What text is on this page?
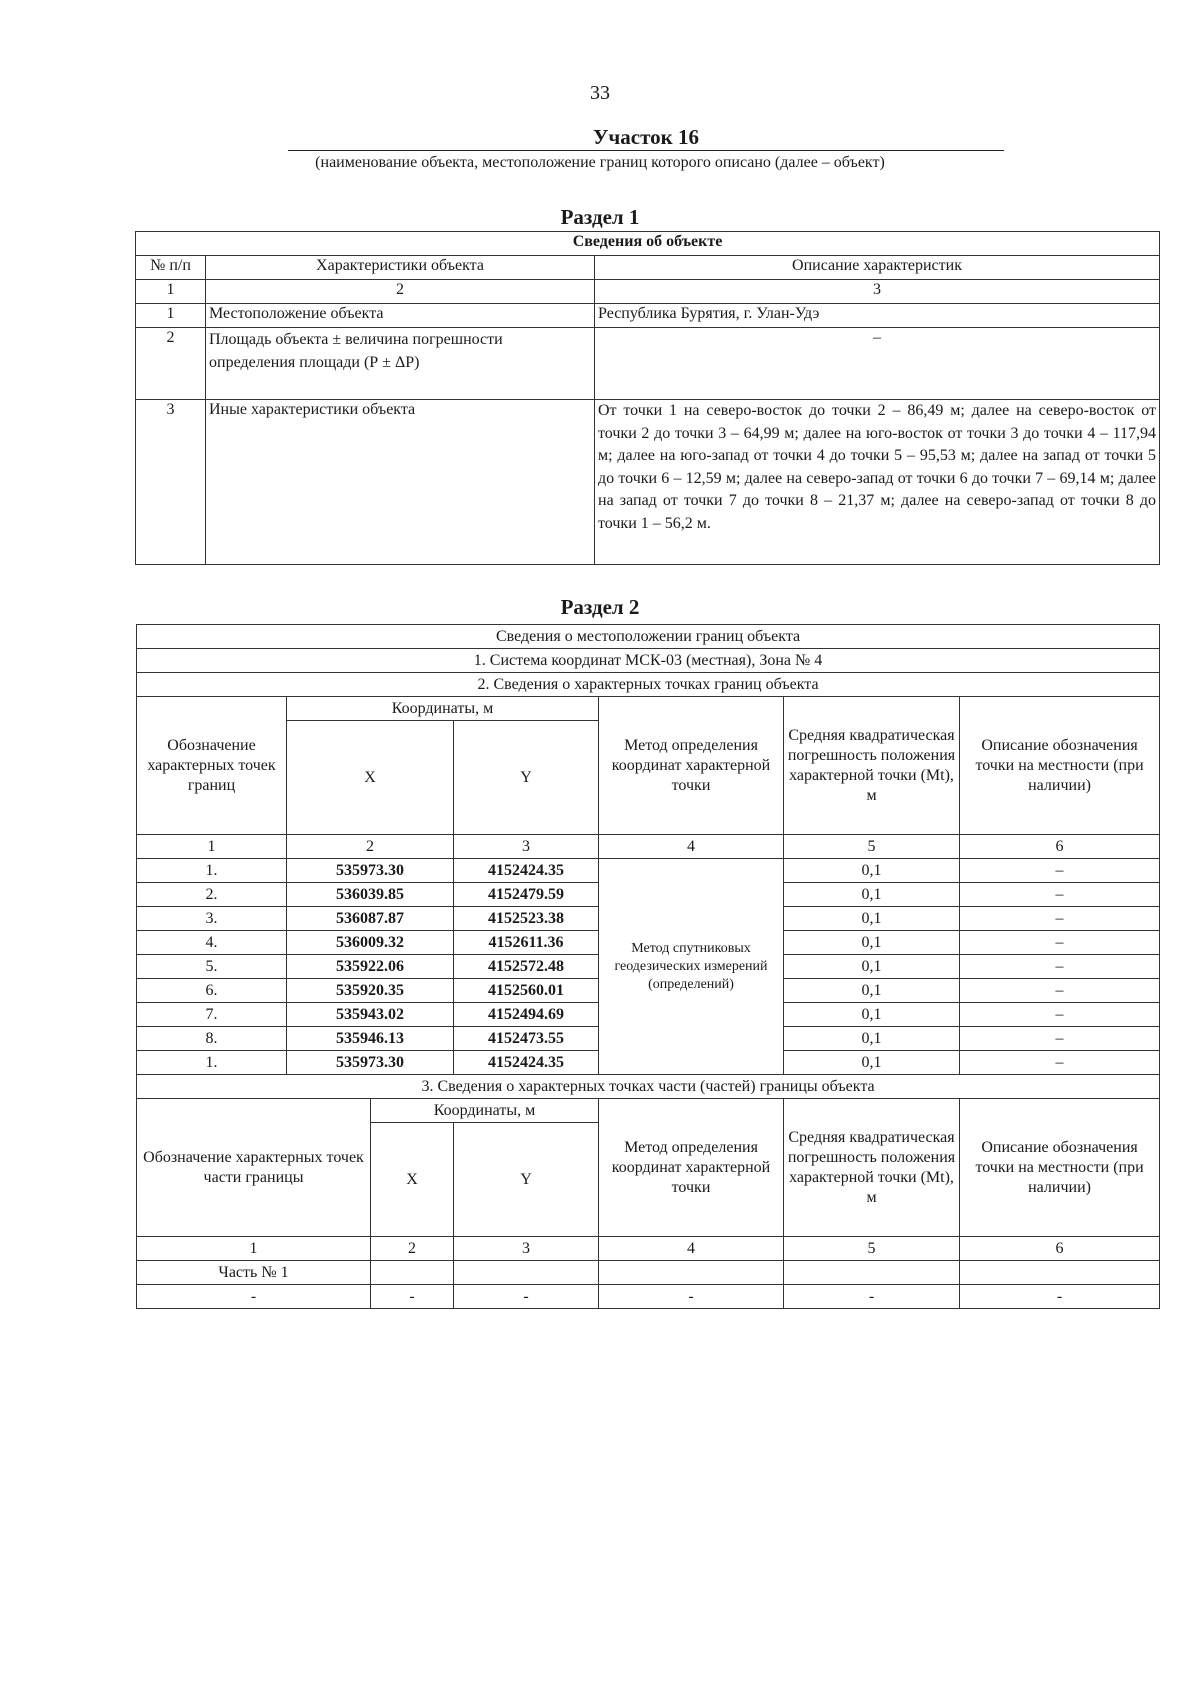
33
Участок 16
(наименование объекта, местоположение границ которого описано (далее – объект)
Раздел 1
Сведения об объекте		
№ п/п	Характеристики объекта	Описание характеристик
1	2	3
1	Местоположение объекта	Республика Бурятия, г. Улан-Удэ
2	Площадь объекта ± величина погрешности определения площади (Р ± ΔР)	–
3	Иные характеристики объекта	От точки 1 на северо-восток до точки 2 – 86,49 м; далее на северо-восток от точки 2 до точки 3 – 64,99 м; далее на юго-восток от точки 3 до точки 4 – 117,94 м; далее на юго-запад от точки 4 до точки 5 – 95,53 м; далее на запад от точки 5 до точки 6 – 12,59 м; далее на северо-запад от точки 6 до точки 7 – 69,14 м; далее на запад от точки 7 до точки 8 – 21,37 м; далее на северо-запад от точки 8 до точки 1 – 56,2 м.
Раздел 2
Сведения о местоположении границ объекта						
1. Система координат МСК-03 (местная), Зона № 4						
2. Сведения о характерных точках границ объекта						
Обозначение характерных точек границ	Координаты, м			Метод определения координат характерной точки	Средняя квадратическая погрешность положения характерной точки (Mt), м	Описание обозначения точки на местности (при наличии)
	X		Y			
1	2		3	4	5	6
1.	535973.30		4152424.35	Метод спутниковых геодезических измерений (определений)	0,1	–
2.	536039.85		4152479.59		0,1	–
3.	536087.87		4152523.38		0,1	–
4.	536009.32		4152611.36		0,1	–
5.	535922.06		4152572.48		0,1	–
6.	535920.35		4152560.01		0,1	–
7.	535943.02		4152494.69		0,1	–
8.	535946.13		4152473.55		0,1	–
1.	535973.30		4152424.35		0,1	–
3. Сведения о характерных точках части (частей) границы объекта						
Обозначение характерных точек части границы		Координаты, м		Метод определения координат характерной точки	Средняя квадратическая погрешность положения характерной точки (Mt), м	Описание обозначения точки на местности (при наличии)
		X	Y			
1		2	3	4	5	6
Часть № 1						
-		-	-	-	-	-
